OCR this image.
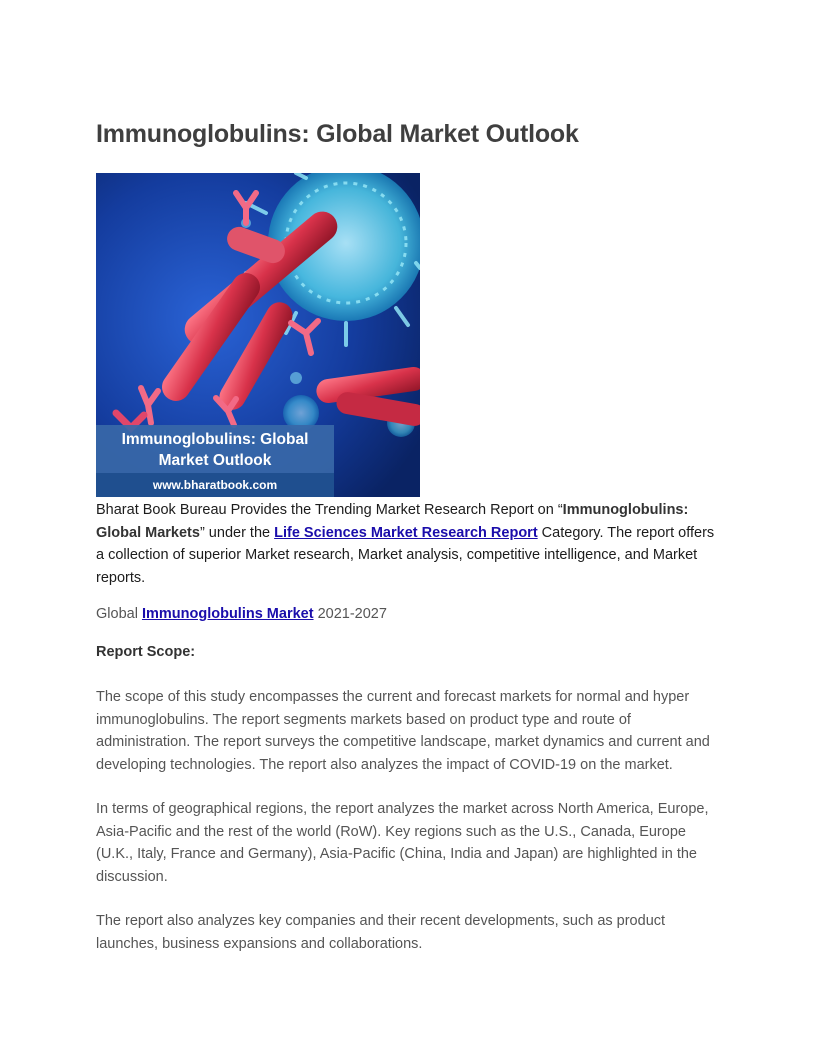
Immunoglobulins: Global Market Outlook
Immunoglobulins: Global Market Outlook
www.bharatbook.com

Bharat Book Bureau Provides the Trending Market Research Report on “Immunoglobulins: Global Markets” under the Life Sciences Market Research Report Category. The report offers a collection of superior Market research, Market analysis, competitive intelligence, and Market reports.

Global Immunoglobulins Market 2021-2027

Report Scope:

The scope of this study encompasses the current and forecast markets for normal and hyper immunoglobulins. The report segments markets based on product type and route of administration. The report surveys the competitive landscape, market dynamics and current and developing technologies. The report also analyzes the impact of COVID-19 on the market.

In terms of geographical regions, the report analyzes the market across North America, Europe, Asia-Pacific and the rest of the world (RoW). Key regions such as the U.S., Canada, Europe (U.K., Italy, France and Germany), Asia-Pacific (China, India and Japan) are highlighted in the discussion.

The report also analyzes key companies and their recent developments, such as product launches, business expansions and collaborations.
